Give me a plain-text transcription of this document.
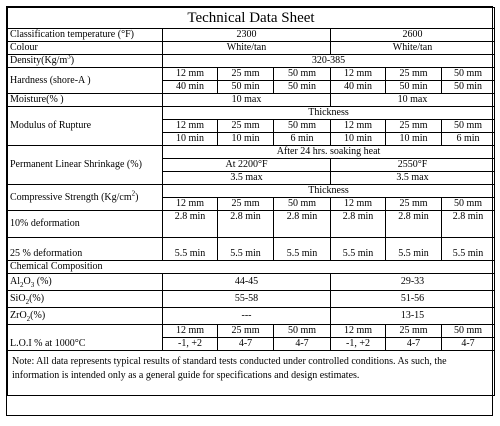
Technical Data Sheet						
Classification temperature (°F)	2300			2600		
Colour	White/tan			White/tan		
$Density(Kg/m^3)$	320-385					
Hardness (shore-A )	12 mm	25 mm	50 mm	12 mm	25 mm	50 mm
	40 min	50 min	50 min	40 min	50 min	50 min
Moisture(% )	10 max			10 max		
Modulus of Rupture	Thickness					
	12 mm	25 mm	50 mm	12 mm	25 mm	50 mm
	10 min	10 min	6 min	10 min	10 min	6 min
Permanent Linear Shrinkage (%)	After 24 hrs. soaking heat					
	At 2200°F			2550°F		
	3.5 max			3.5 max		
Compressive Strength $(Kg/cm^2)$	Thickness					
	12 mm	25 mm	50 mm	12 mm	25 mm	50 mm
10% deformation	2.8 min	2.8 min	2.8 min	2.8 min	2.8 min	2.8 min
25 % deformation	5.5 min	5.5 min	5.5 min	5.5 min	5.5 min	5.5 min
Chemical Composition						
$Al_2O_3$ (%)	44-45			29-33		
SiO$_2$(%)	55-58			51-56		
ZrO$_2$(%)	---			13-15		
L.O.I % at 1000°C	12 mm	25 mm	50 mm	12 mm	25 mm	50 mm
	-1, +2	4-7	4-7	-1, +2	4-7	4-7
Note: All data represents typical results of standard tests conducted under controlled conditions. As such, the information is intended only as a general guide for specifications and design estimates.						
